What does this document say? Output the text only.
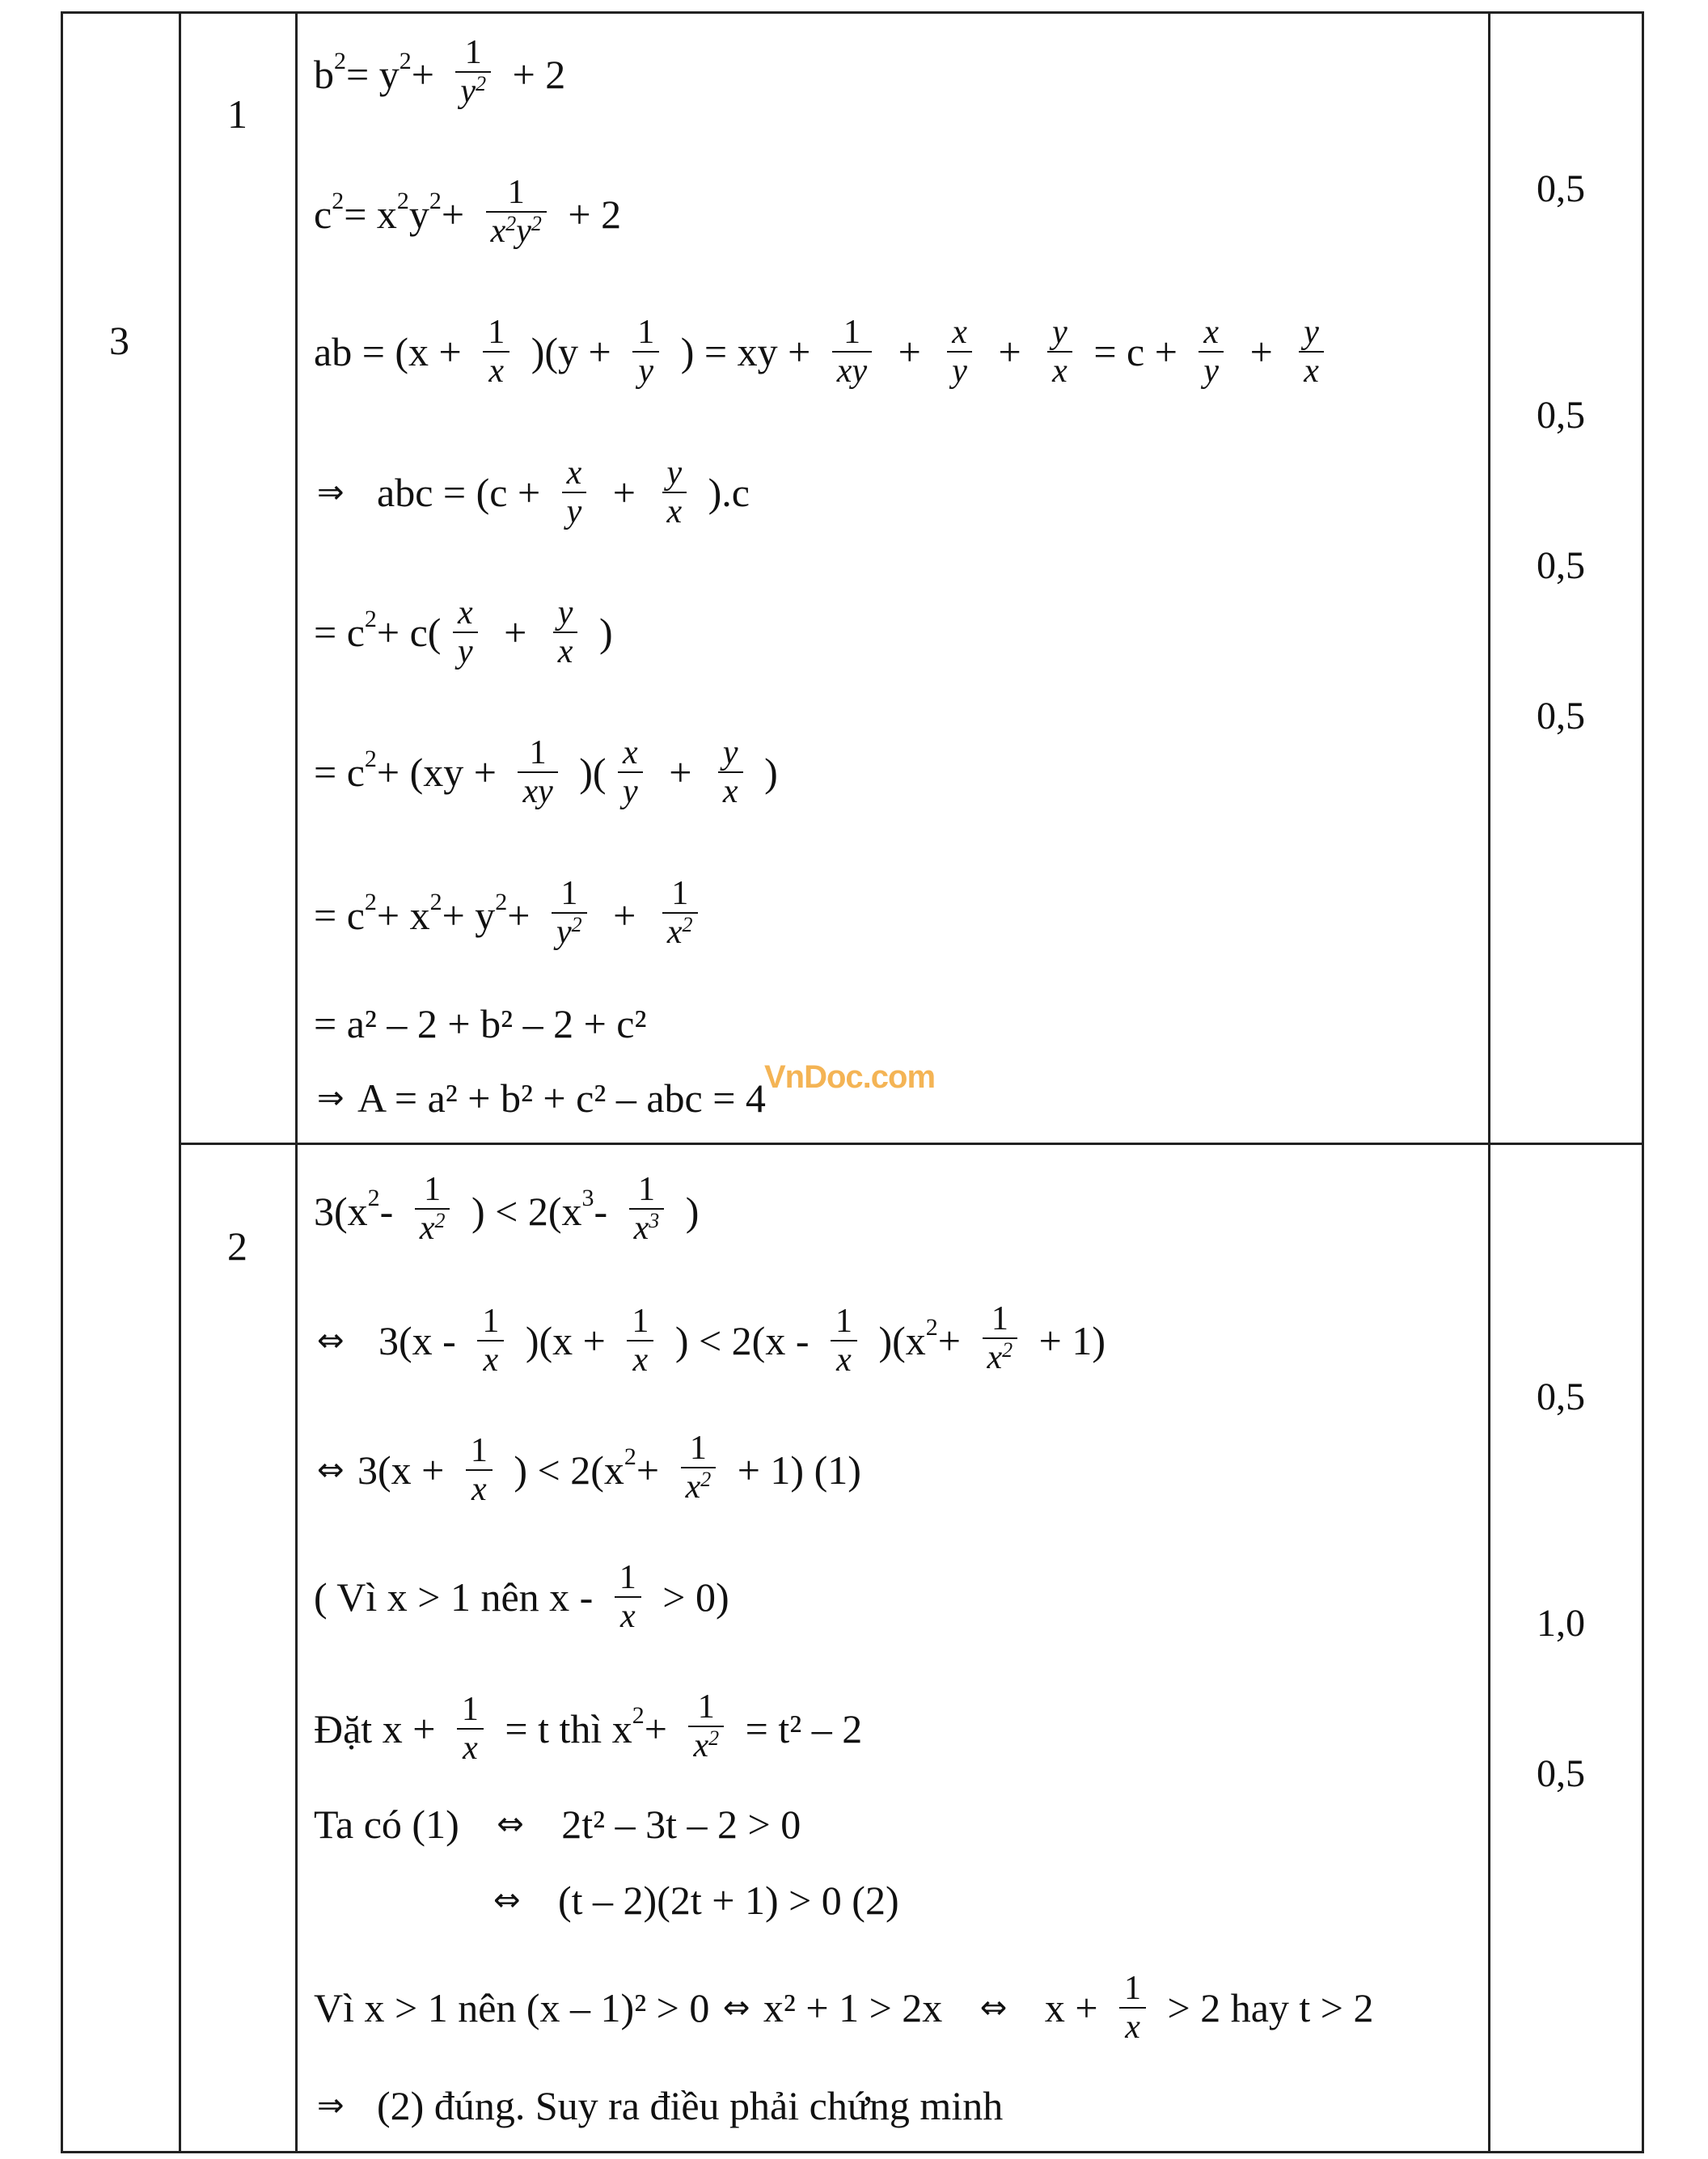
3
1
2
0,5
0,5
0,5
0,5
0,5
1,0
0,5
$b^2= y^2+ \frac{1}{y^2} + 2$
$c^2= x^2y^2+ \frac{1}{x^2y^2} + 2$
ab = $(x + \frac{1}{x} )(y + \frac{1}{y}$ ) = xy + $\frac{1}{xy} + \frac{x}{y} + \frac{y}{x} = c + \frac{x}{y} + \frac{y}{x}$
⇒ abc = $(c + \frac{x}{y} + \frac{y}{x} ).c$
= $c^2+ c( \frac{x}{y} + \frac{y}{x}$ )
= $c^2+ (xy + \frac{1}{xy}$ )( $\frac{x}{y} + \frac{y}{x}$ )
= $c^2+ x^2+ y^2+ \frac{1}{y^2} + \frac{1}{x^2}$
= a² – 2 + b² – 2 + c²
⇒ A = a² + b² + c² – abc = 4
VnDoc.com
$3(x^2- \frac{1}{x^2}$ ) < $2(x^3- \frac{1}{x^3}$ )
⇔ $3(x - \frac{1}{x} )(x + \frac{1}{x}$ ) < $2(x - \frac{1}{x} )(x^2+ \frac{1}{x^2} + 1)$
⇔ $3(x + \frac{1}{x}$ ) < $2(x^2+ \frac{1}{x^2} + 1)$ (1)
( Vì x > 1 nên $x - \frac{1}{x} > 0$)
Đặt $x + \frac{1}{x} = t$ thì $x^2+ \frac{1}{x^2} = t^2 - 2$
Ta có (1) ⇔ 2t² – 3t – 2 > 0
⇔ (t – 2)(2t + 1) > 0 (2)
Vì x > 1 nên (x – 1)² > 0 ⇔ x² + 1 > 2x ⇔ $x + \frac{1}{x} > 2$ hay t > 2
⇒ (2) đúng. Suy ra điều phải chứng minh
